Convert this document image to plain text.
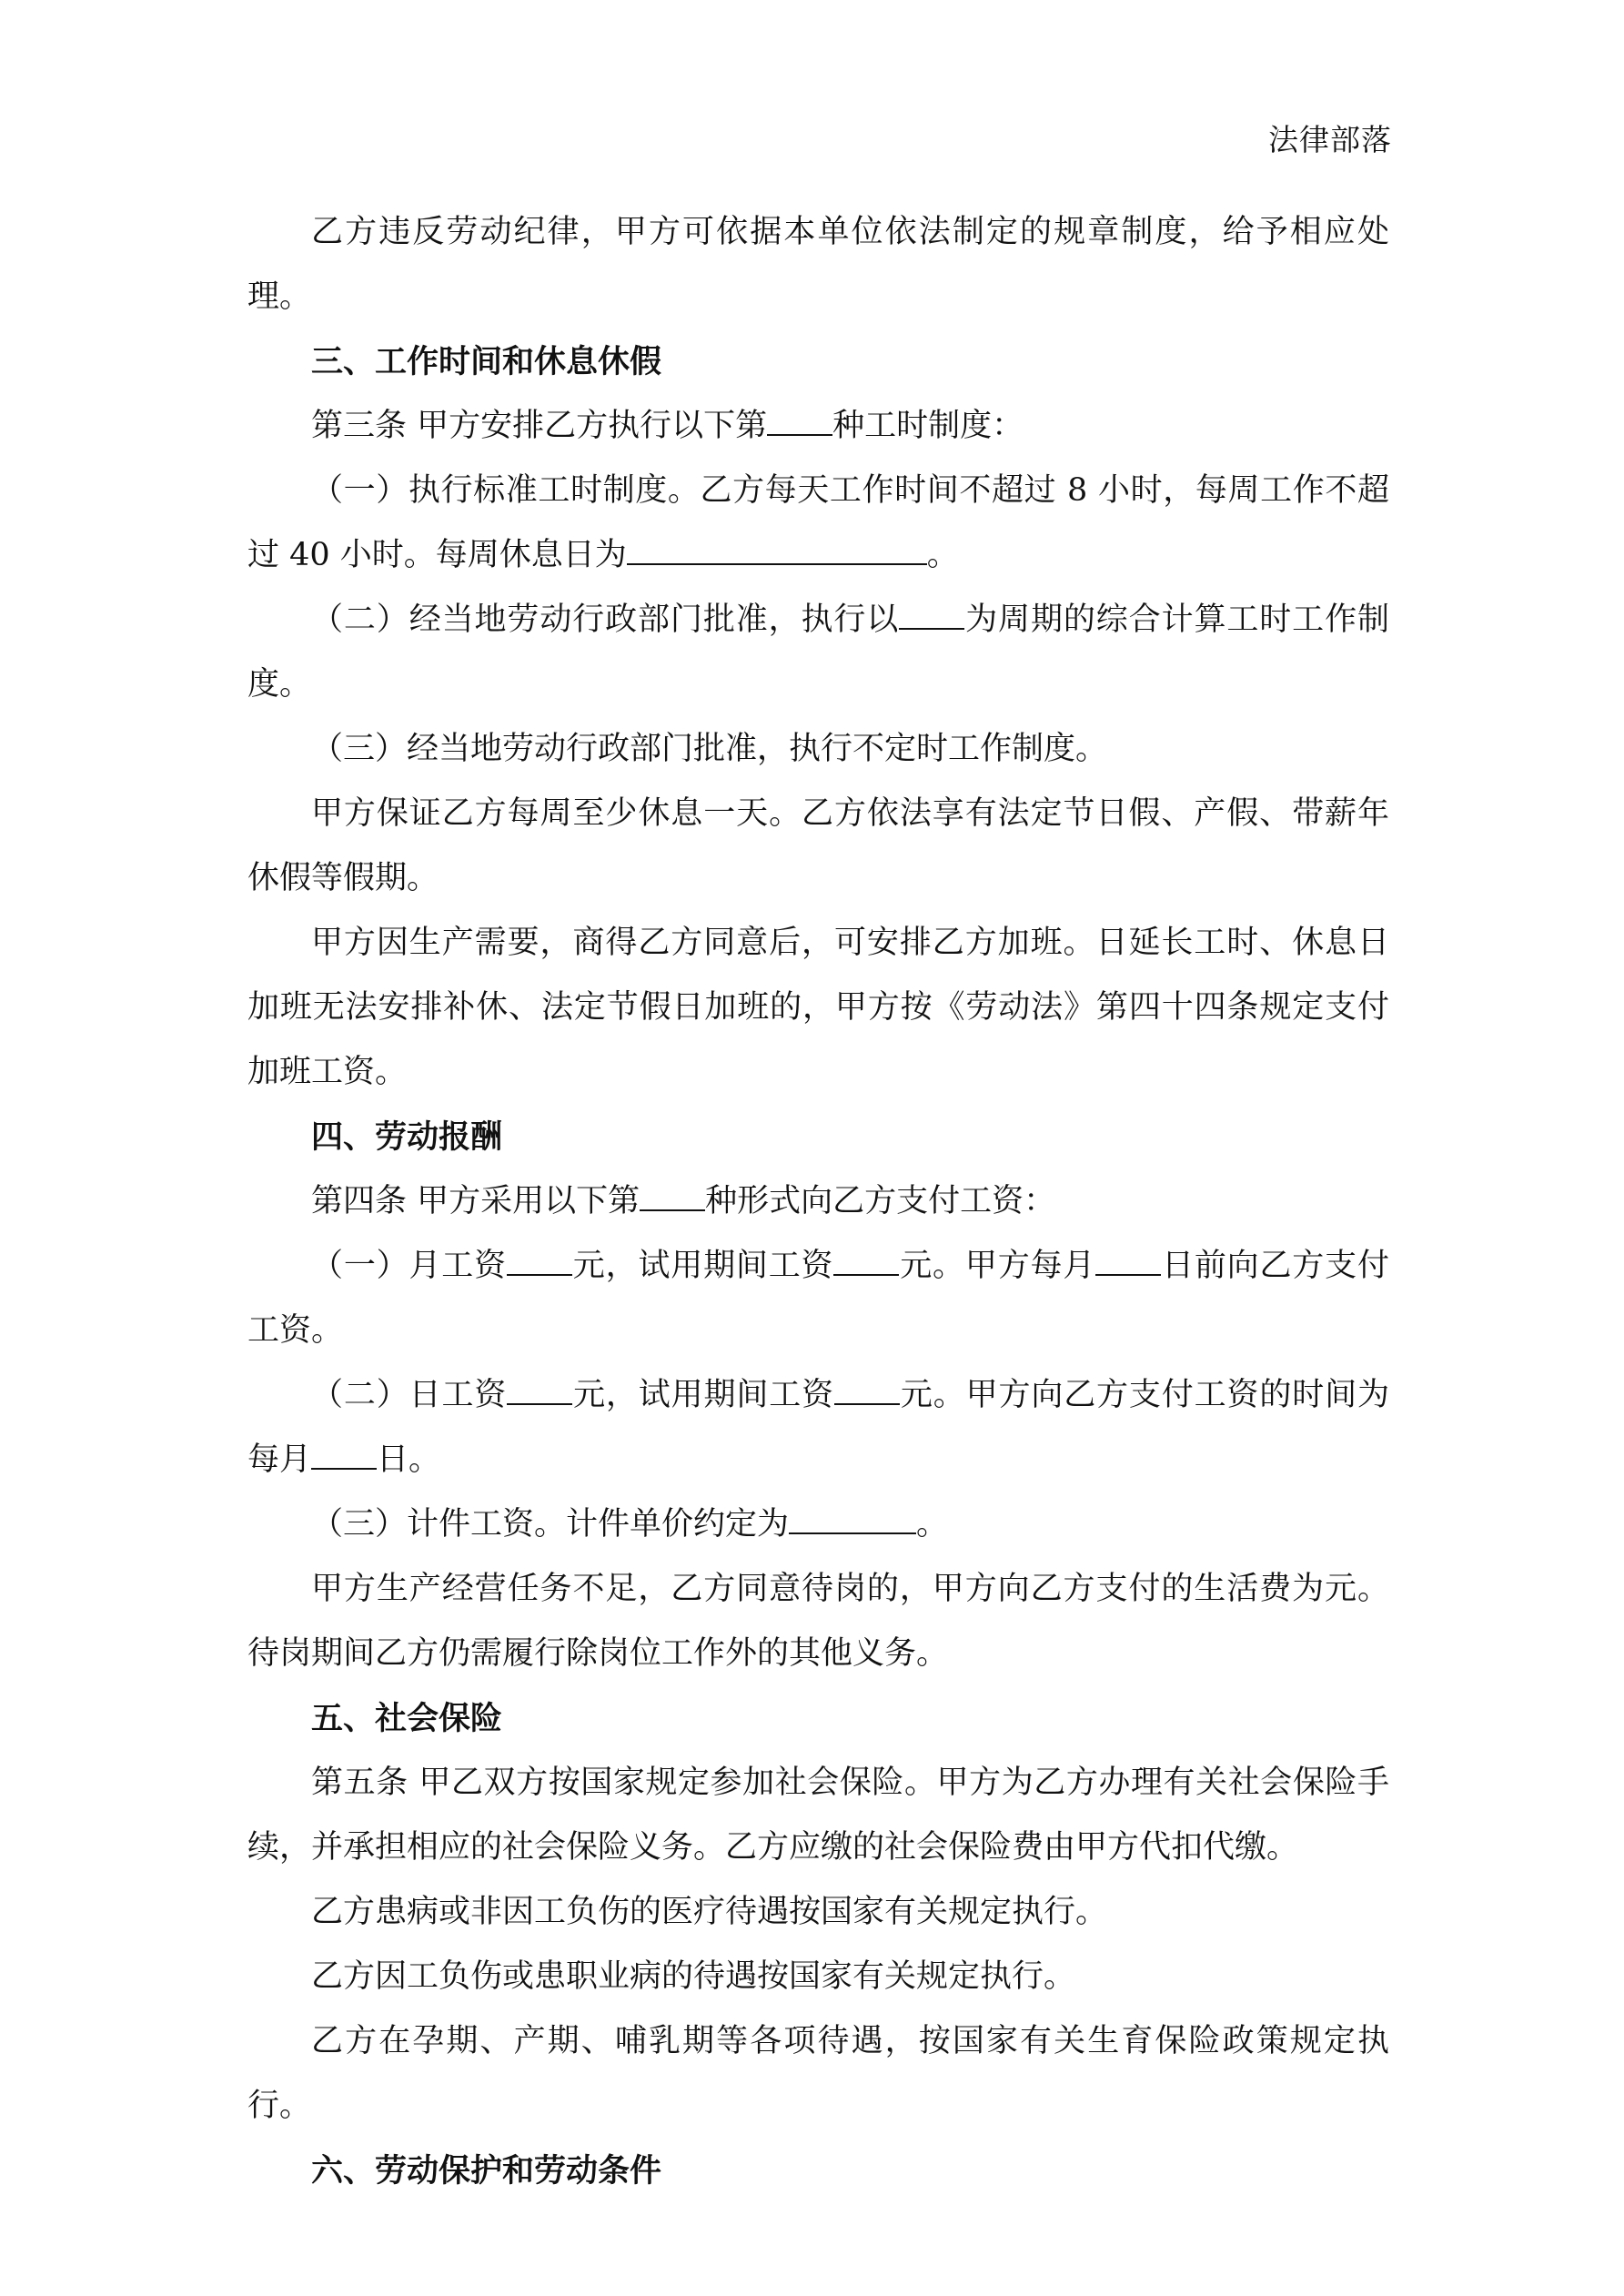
法律部落

乙方违反劳动纪律，甲方可依据本单位依法制定的规章制度，给予相应处理。

三、工作时间和休息休假

第三条 甲方安排乙方执行以下第 种工时制度：

（一）执行标准工时制度。乙方每天工作时间不超过 8 小时，每周工作不超过 40 小时。每周休息日为	。

（二）经当地劳动行政部门批准，执行以 为周期的综合计算工时工作制度。

（三）经当地劳动行政部门批准，执行不定时工作制度。

甲方保证乙方每周至少休息一天。乙方依法享有法定节日假、产假、带薪年休假等假期。

甲方因生产需要，商得乙方同意后，可安排乙方加班。日延长工时、休息日加班无法安排补休、法定节假日加班的，甲方按《劳动法》第四十四条规定支付加班工资。

四、劳动报酬

第四条 甲方采用以下第 种形式向乙方支付工资：

（一）月工资 元，试用期间工资 元。甲方每月 日前向乙方支付工资。

（二）日工资 元，试用期间工资 元。甲方向乙方支付工资的时间为每月 日。

（三）计件工资。计件单价约定为	。

甲方生产经营任务不足，乙方同意待岗的，甲方向乙方支付的生活费为元。待岗期间乙方仍需履行除岗位工作外的其他义务。

五、社会保险

第五条 甲乙双方按国家规定参加社会保险。甲方为乙方办理有关社会保险手续，并承担相应的社会保险义务。乙方应缴的社会保险费由甲方代扣代缴。

乙方患病或非因工负伤的医疗待遇按国家有关规定执行。

乙方因工负伤或患职业病的待遇按国家有关规定执行。

乙方在孕期、产期、哺乳期等各项待遇，按国家有关生育保险政策规定执行。

六、劳动保护和劳动条件
